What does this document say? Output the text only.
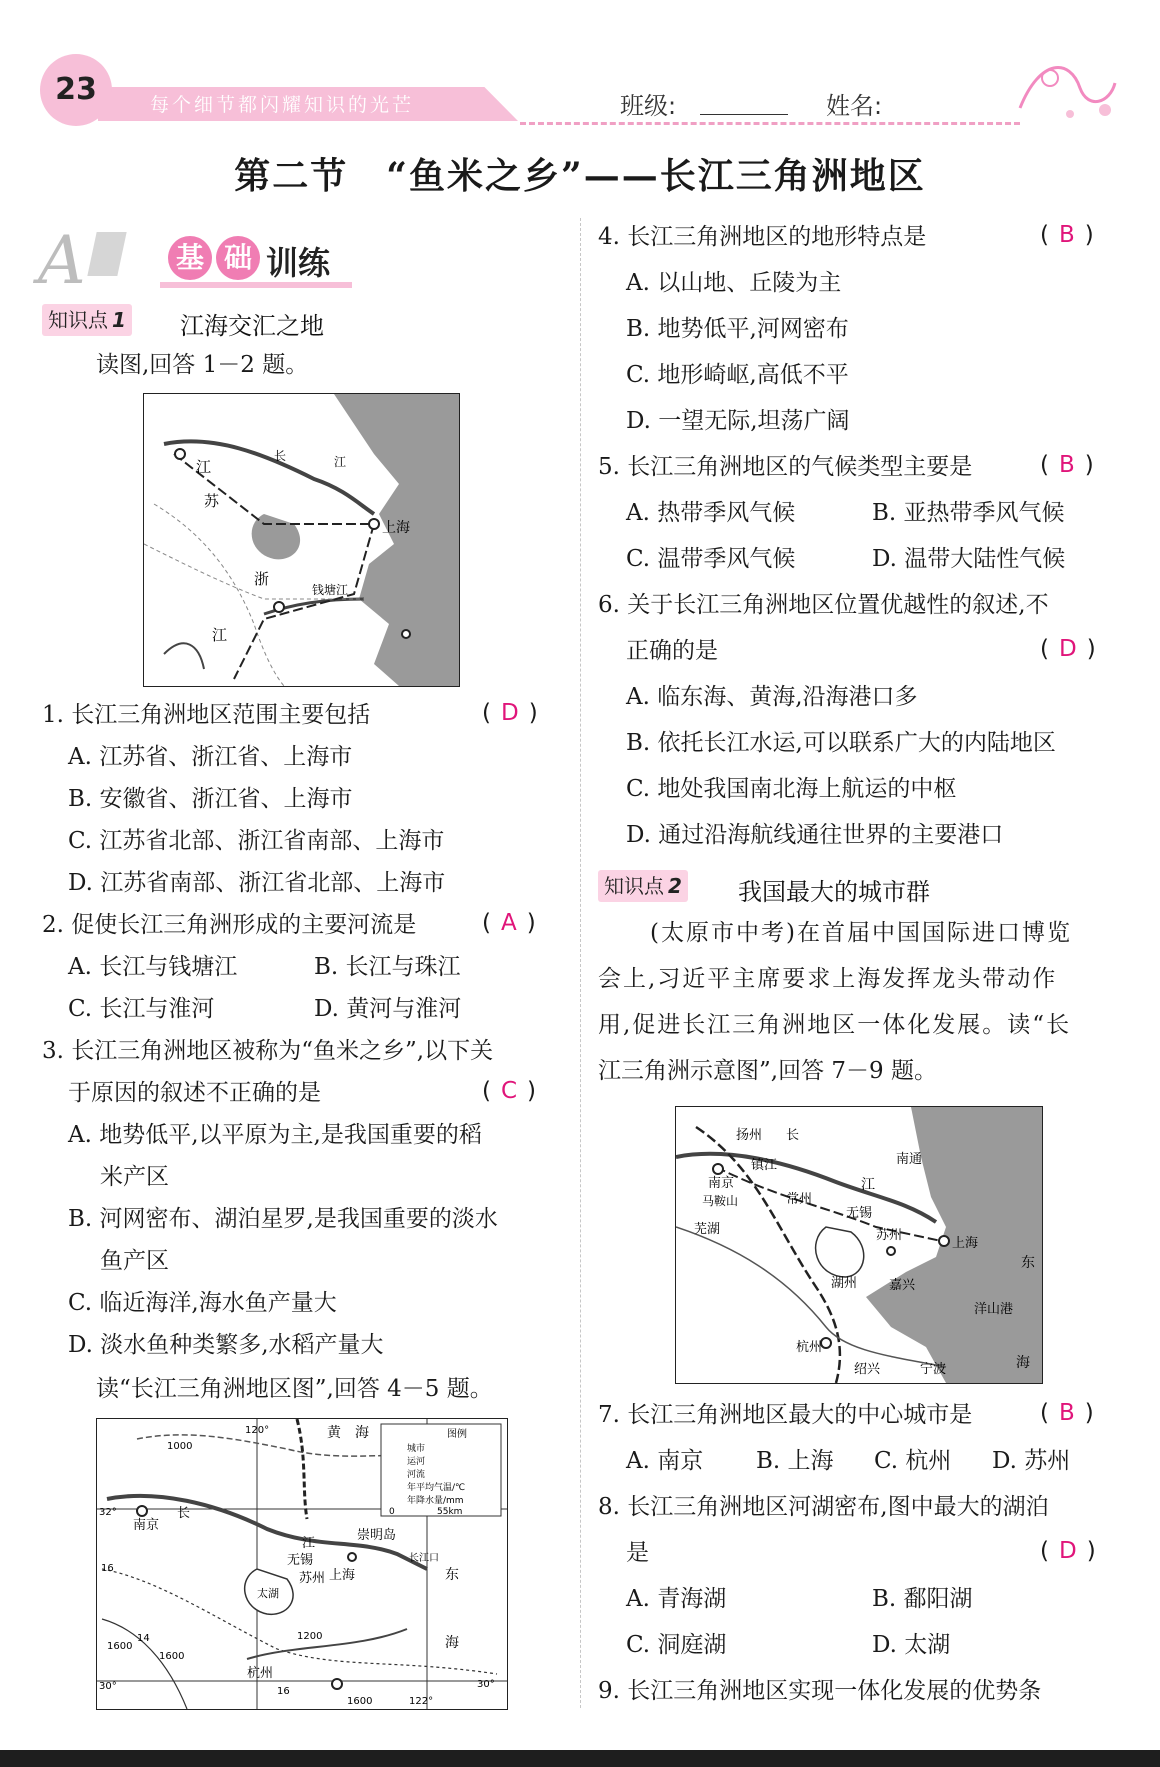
23	每个细节都闪耀知识的光芒	班级:	姓名:
第二节　“鱼米之乡”——长江三角洲地区
A	基 础 训练
知识点 1 江海交汇之地
读图,回答 1－2 题。
江
苏
长	江
上海
浙
钱塘江
江
1. 长江三角洲地区范围主要包括	( D )
A. 江苏省、浙江省、上海市
B. 安徽省、浙江省、上海市
C. 江苏省北部、浙江省南部、上海市
D. 江苏省南部、浙江省北部、上海市
2. 促使长江三角洲形成的主要河流是	( A )
A. 长江与钱塘江	B. 长江与珠江
C. 长江与淮河	D. 黄河与淮河
3. 长江三角洲地区被称为“鱼米之乡”,以下关
于原因的叙述不正确的是	( C )
A. 地势低平,以平原为主,是我国重要的稻
米产区
B. 河网密布、湖泊星罗,是我国重要的淡水
鱼产区
C. 临近海洋,海水鱼产量大
D. 淡水鱼种类繁多,水稻产量大
读“长江三角洲地区图”,回答 4－5 题。
黄 海
南京
长
江
无锡
苏州
崇明岛
太湖
上海
杭州
东
海
长江口
120°
1000
32°
16
1600
14
1600
1200
16
30°	30°
1600	122°
图例
城市
运河
河流
年平均气温/℃
年降水量/mm
0	55km
4. 长江三角洲地区的地形特点是	( B )
A. 以山地、丘陵为主
B. 地势低平,河网密布
C. 地形崎岖,高低不平
D. 一望无际,坦荡广阔
5. 长江三角洲地区的气候类型主要是	( B )
A. 热带季风气候	B. 亚热带季风气候
C. 温带季风气候	D. 温带大陆性气候
6. 关于长江三角洲地区位置优越性的叙述,不
正确的是	( D )
A. 临东海、黄海,沿海港口多
B. 依托长江水运,可以联系广大的内陆地区
C. 地处我国南北海上航运的中枢
D. 通过沿海航线通往世界的主要港口
知识点 2 我国最大的城市群
(太原市中考)在首届中国国际进口博览
会上,习近平主席要求上海发挥龙头带动作
用,促进长江三角洲地区一体化发展。读“长
江三角洲示意图”,回答 7－9 题。
扬州 长
南京
镇江	南通
马鞍山	常州
江
芜湖
无锡
苏州
上海
东
湖州 嘉兴
洋山港
杭州
绍兴	宁波	海
7. 长江三角洲地区最大的中心城市是	( B )
A. 南京 B. 上海 C. 杭州 D. 苏州
8. 长江三角洲地区河湖密布,图中最大的湖泊
是	( D )
A. 青海湖	B. 鄱阳湖
C. 洞庭湖	D. 太湖
9. 长江三角洲地区实现一体化发展的优势条
